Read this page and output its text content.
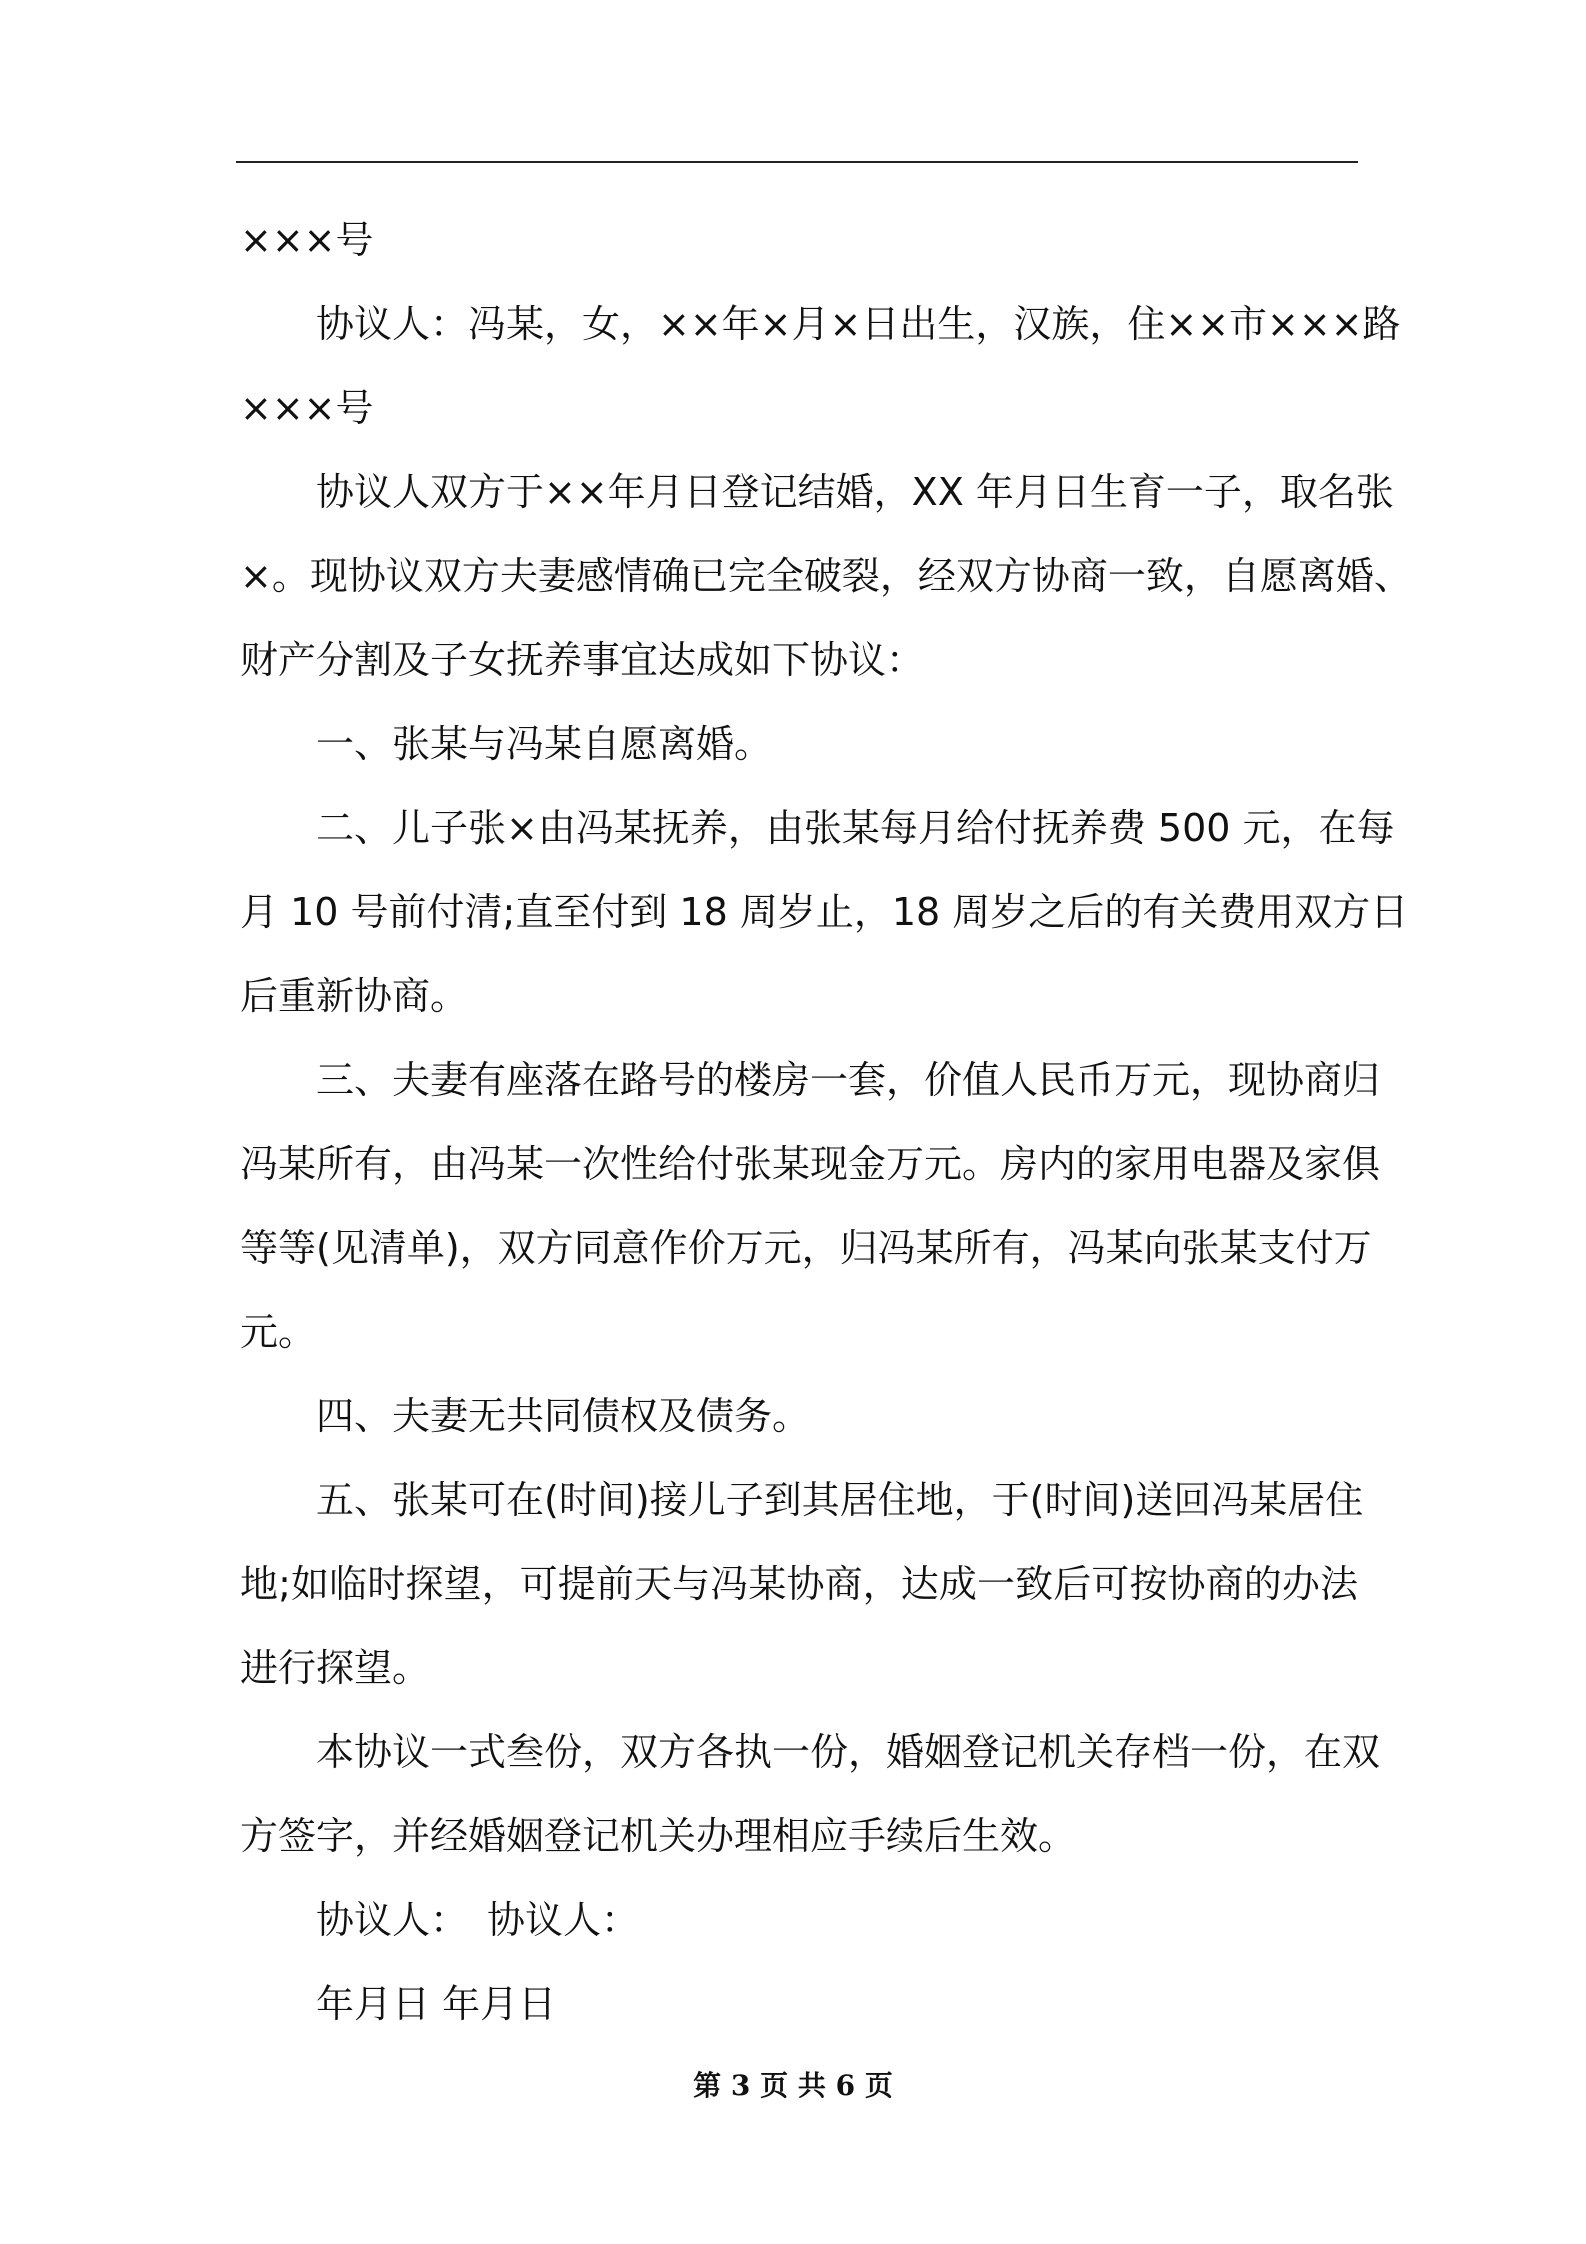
×××号
协议人：冯某，女，××年×月×日出生，汉族，住××市×××路
×××号
协议人双方于××年月日登记结婚，XX 年月日生育一子，取名张
×。现协议双方夫妻感情确已完全破裂，经双方协商一致，自愿离婚、
财产分割及子女抚养事宜达成如下协议：
一、张某与冯某自愿离婚。
二、儿子张×由冯某抚养，由张某每月给付抚养费 500 元，在每
月 10 号前付清;直至付到 18 周岁止，18 周岁之后的有关费用双方日
后重新协商。
三、夫妻有座落在路号的楼房一套，价值人民币万元，现协商归
冯某所有，由冯某一次性给付张某现金万元。房内的家用电器及家俱
等等(见清单)，双方同意作价万元，归冯某所有，冯某向张某支付万
元。
四、夫妻无共同债权及债务。
五、张某可在(时间)接儿子到其居住地，于(时间)送回冯某居住
地;如临时探望，可提前天与冯某协商，达成一致后可按协商的办法
进行探望。
本协议一式叁份，双方各执一份，婚姻登记机关存档一份，在双
方签字，并经婚姻登记机关办理相应手续后生效。
协议人：　协议人：
年月日 年月日
第 3 页 共 6 页
